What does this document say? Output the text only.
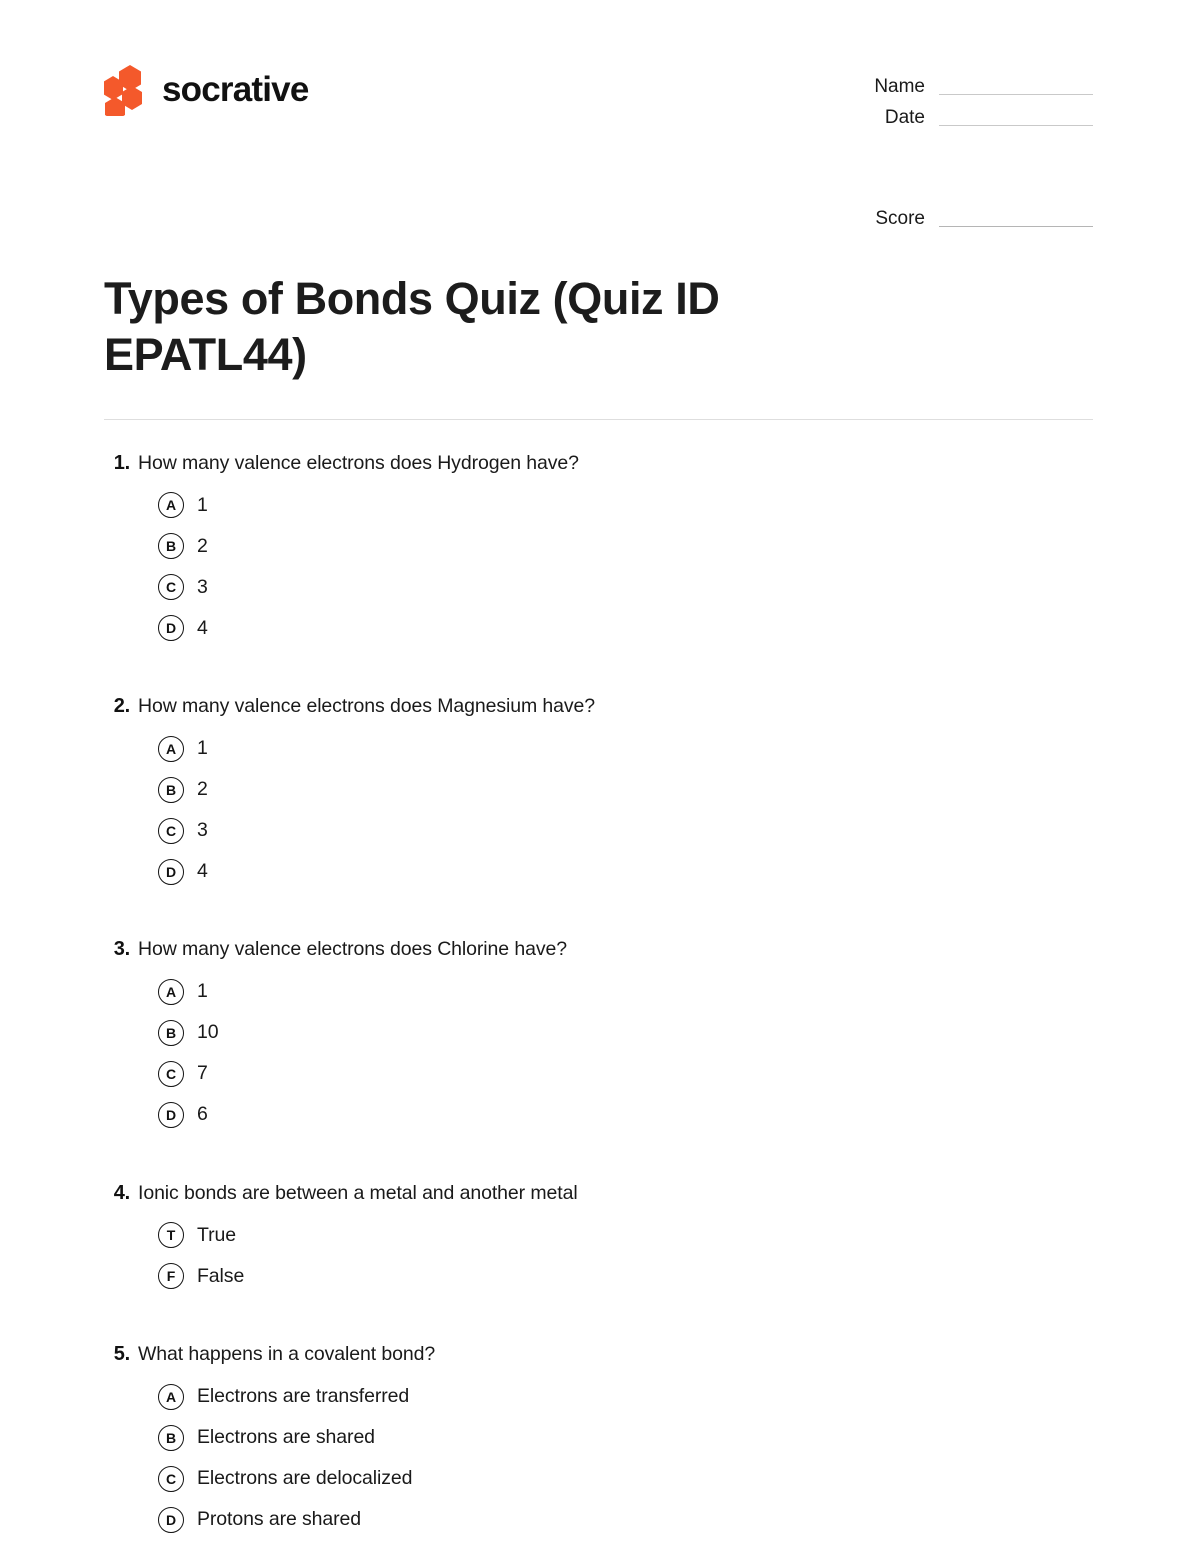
socrative	Name
Date
Score
Types of Bonds Quiz (Quiz ID EPATL44)
1. How many valence electrons does Hydrogen have?
A	1
B	2
C	3
D	4
2. How many valence electrons does Magnesium have?
A	1
B	2
C	3
D	4
3. How many valence electrons does Chlorine have?
A	1
B	10
C	7
D	6
4. Ionic bonds are between a metal and another metal
T	True
F	False
5. What happens in a covalent bond?
A	Electrons are transferred
B	Electrons are shared
C	Electrons are delocalized
D	Protons are shared
